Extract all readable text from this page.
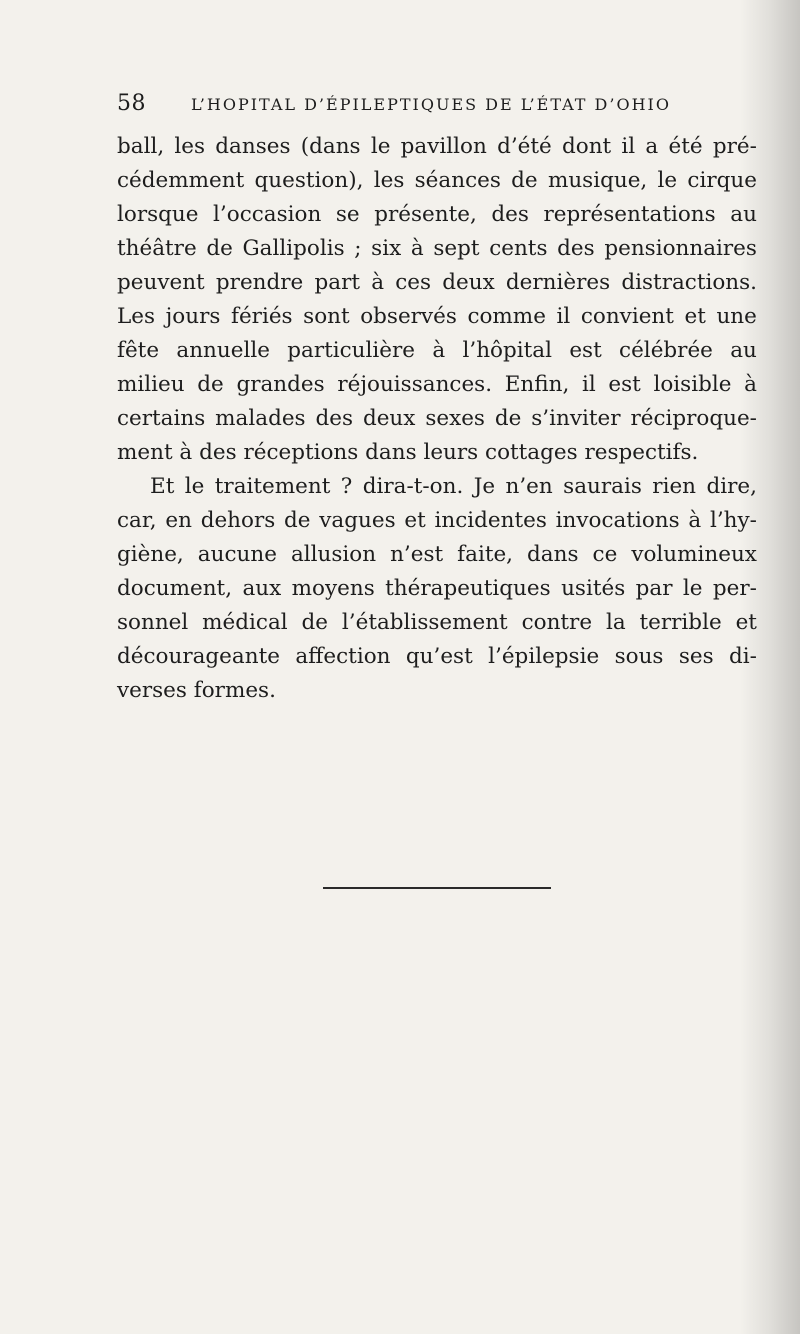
58	L’HOPITAL D’ÉPILEPTIQUES DE L’ÉTAT D’OHIO
ball, les danses (dans le pavillon d’été dont il a été pré-
cédemment question), les séances de musique, le cirque
lorsque l’occasion se présente, des représentations au
théâtre de Gallipolis ; six à sept cents des pensionnaires
peuvent prendre part à ces deux dernières distractions.
Les jours fériés sont observés comme il convient et une
fête annuelle particulière à l’hôpital est célébrée au
milieu de grandes réjouissances. Enfin, il est loisible à
certains malades des deux sexes de s’inviter réciproque-
ment à des réceptions dans leurs cottages respectifs.
Et le traitement ? dira-t-on. Je n’en saurais rien dire,
car, en dehors de vagues et incidentes invocations à l’hy-
giène, aucune allusion n’est faite, dans ce volumineux
document, aux moyens thérapeutiques usités par le per-
sonnel médical de l’établissement contre la terrible et
décourageante affection qu’est l’épilepsie sous ses di-
verses formes.
